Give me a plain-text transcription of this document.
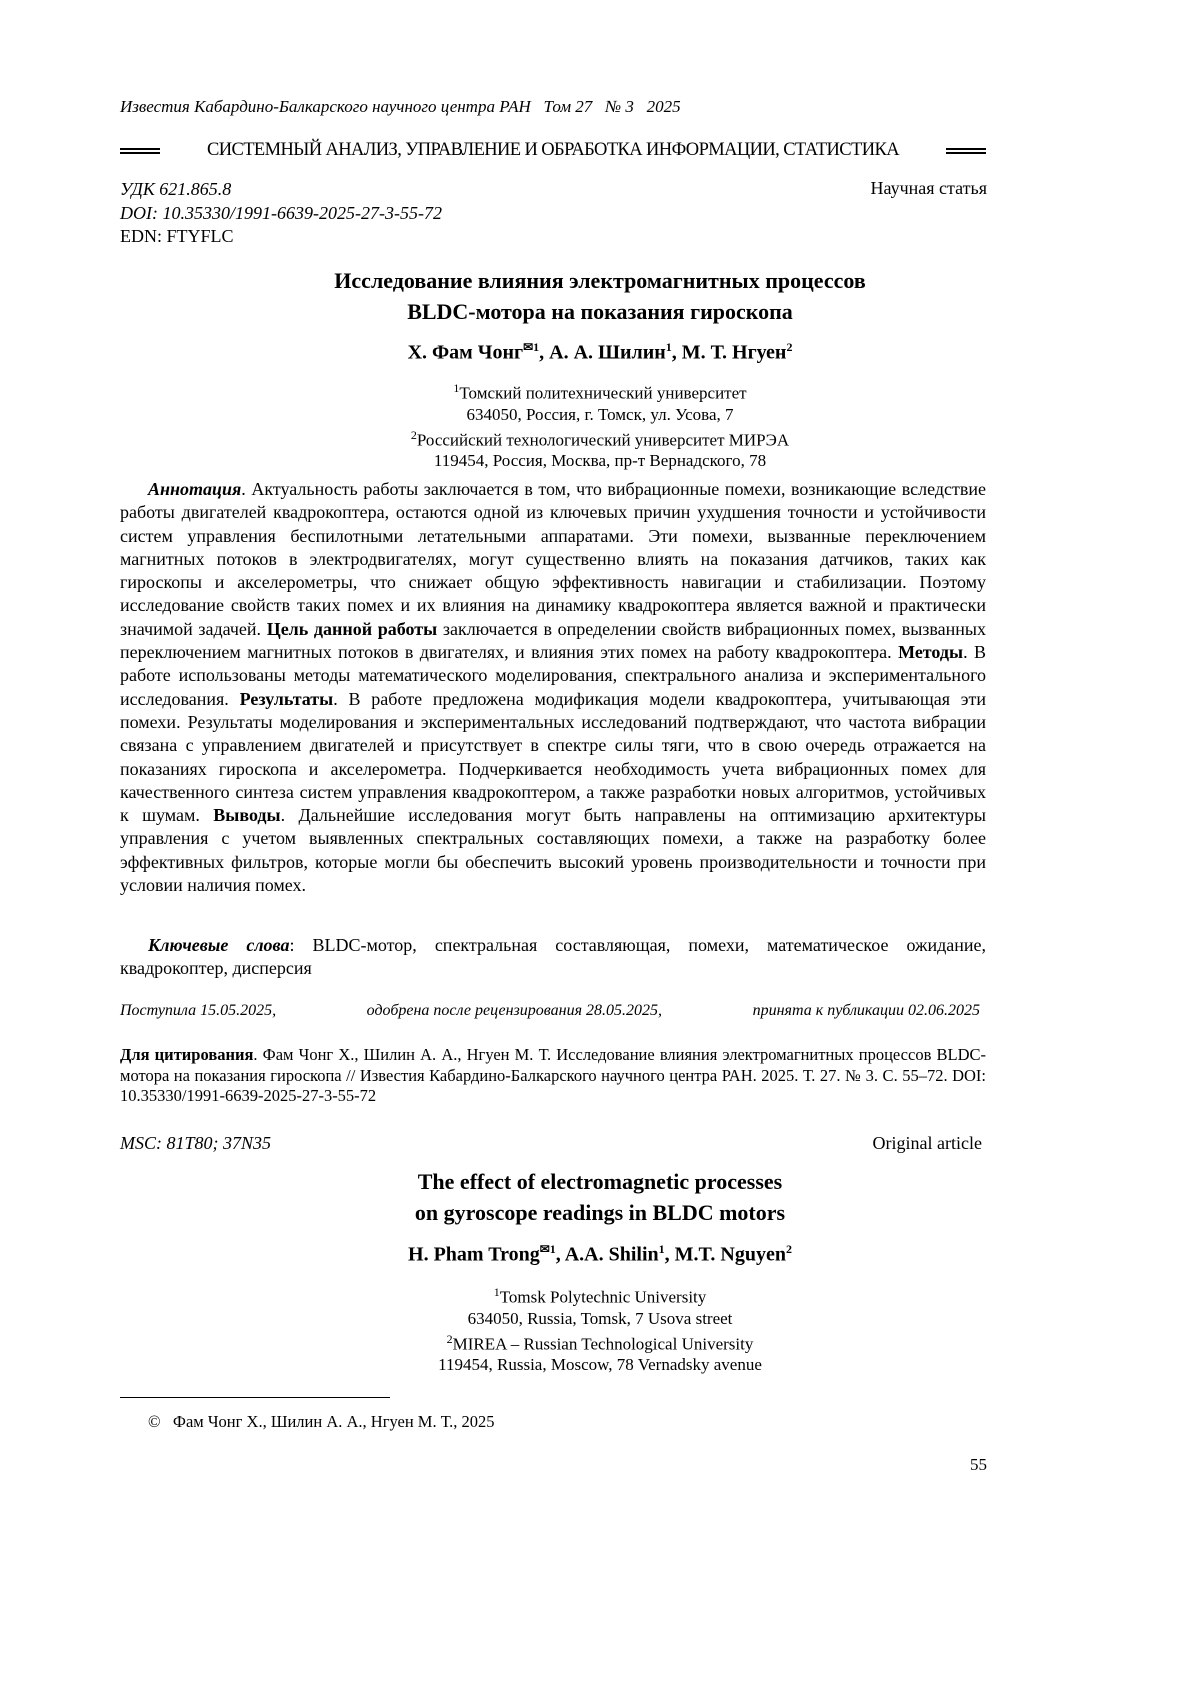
Известия Кабардино-Балкарского научного центра РАН   Том 27   № 3   2025
СИСТЕМНЫЙ АНАЛИЗ, УПРАВЛЕНИЕ И ОБРАБОТКА ИНФОРМАЦИИ, СТАТИСТИКА
УДК 621.865.8
DOI: 10.35330/1991-6639-2025-27-3-55-72
EDN: FTYFLC
Научная статья
Исследование влияния электромагнитных процессов
BLDC-мотора на показания гироскопа
Х. Фам Чонг$^{✉1}$, А. А. Шилин$^1$, М. Т. Нгуен$^2$
$^1$Томский политехнический университет
634050, Россия, г. Томск, ул. Усова, 7
$^2$Российский технологический университет МИРЭА
119454, Россия, Москва, пр-т Вернадского, 78
Аннотация. Актуальность работы заключается в том, что вибрационные помехи, возникающие вследствие работы двигателей квадрокоптера, остаются одной из ключевых причин ухудшения точности и устойчивости систем управления беспилотными летательными аппаратами. Эти помехи, вызванные переключением магнитных потоков в электродвигателях, могут существенно влиять на показания датчиков, таких как гироскопы и акселерометры, что снижает общую эффективность навигации и стабилизации. Поэтому исследование свойств таких помех и их влияния на динамику квадрокоптера является важной и практически значимой задачей. Цель данной работы заключается в определении свойств вибрационных помех, вызванных переключением магнитных потоков в двигателях, и влияния этих помех на работу квадрокоптера. Методы. В работе использованы методы математического моделирования, спектрального анализа и экспериментального исследования. Результаты. В работе предложена модификация модели квадрокоптера, учитывающая эти помехи. Результаты моделирования и экспериментальных исследований подтверждают, что частота вибрации связана с управлением двигателей и присутствует в спектре силы тяги, что в свою очередь отражается на показаниях гироскопа и акселерометра. Подчеркивается необходимость учета вибрационных помех для качественного синтеза систем управления квадрокоптером, а также разработки новых алгоритмов, устойчивых к шумам. Выводы. Дальнейшие исследования могут быть направлены на оптимизацию архитектуры управления с учетом выявленных спектральных составляющих помехи, а также на разработку более эффективных фильтров, которые могли бы обеспечить высокий уровень производительности и точности при условии наличия помех.
Ключевые слова: BLDC-мотор, спектральная составляющая, помехи, математическое ожидание, квадрокоптер, дисперсия
Поступила 15.05.2025,	одобрена после рецензирования 28.05.2025,	принята к публикации 02.06.2025
Для цитирования. Фам Чонг Х., Шилин А. А., Нгуен М. Т. Исследование влияния электромагнитных процессов BLDC-мотора на показания гироскопа // Известия Кабардино-Балкарского научного центра РАН. 2025. Т. 27. № 3. С. 55–72. DOI: 10.35330/1991-6639-2025-27-3-55-72
MSC: 81T80; 37N35	Original article
The effect of electromagnetic processes
on gyroscope readings in BLDC motors
H. Pham Trong$^{✉1}$, A.A. Shilin$^1$, M.T. Nguyen$^2$
$^1$Tomsk Polytechnic University
634050, Russia, Tomsk, 7 Usova street
$^2$MIREA – Russian Technological University
119454, Russia, Moscow, 78 Vernadsky avenue
©   Фам Чонг Х., Шилин А. А., Нгуен М. Т., 2025
55
